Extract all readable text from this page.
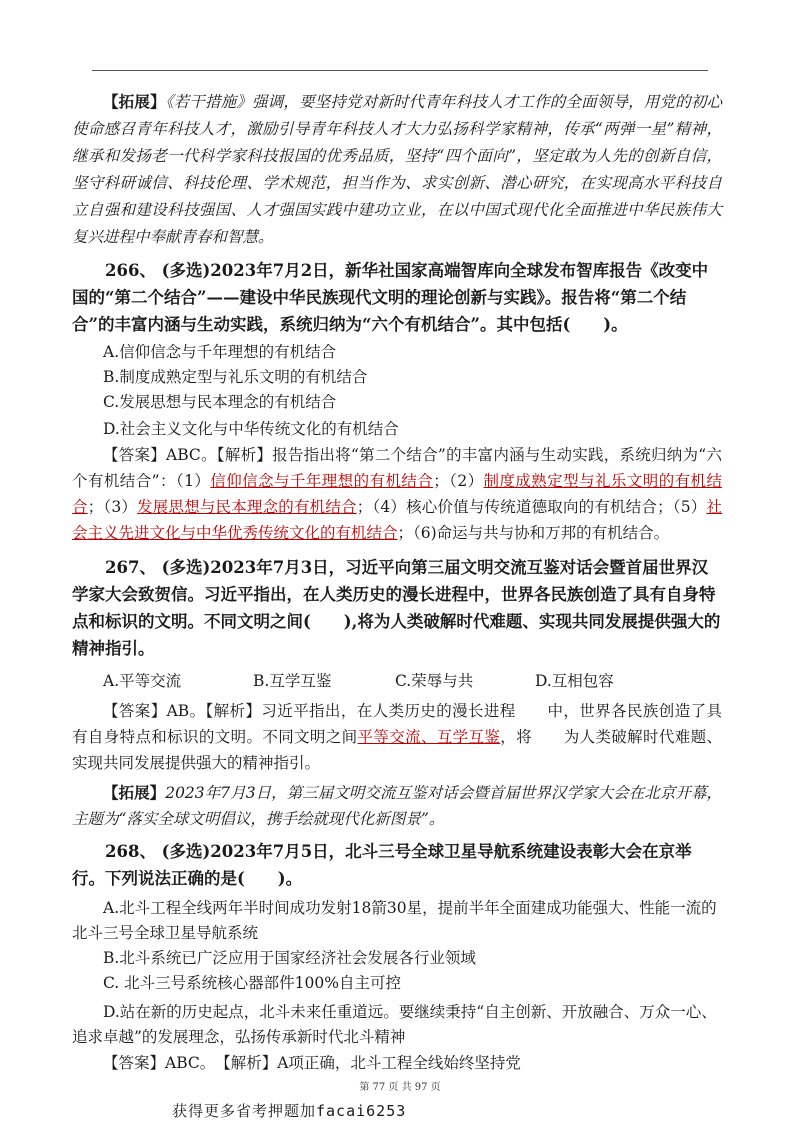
【拓展】《若干措施》强调，要坚持党对新时代青年科技人才工作的全面领导，用党的初心使命感召青年科技人才，激励引导青年科技人才大力弘扬科学家精神，传承“两弹一星”精神，继承和发扬老一代科学家科技报国的优秀品质，坚持“四个面向”，坚定敢为人先的创新自信，坚守科研诚信、科技伦理、学术规范，担当作为、求实创新、潜心研究，在实现高水平科技自立自强和建设科技强国、人才强国实践中建功立业，在以中国式现代化全面推进中华民族伟大复兴进程中奉献青春和智慧。

266、 (多选)2023年7月2日，新华社国家高端智库向全球发布智库报告《改变中国的“第二个结合”——建设中华民族现代文明的理论创新与实践》。报告将“第二个结合”的丰富内涵与生动实践，系统归纳为“六个有机结合”。其中包括(　　)。

A.信仰信念与千年理想的有机结合

B.制度成熟定型与礼乐文明的有机结合

C.发展思想与民本理念的有机结合

D.社会主义文化与中华传统文化的有机结合

【答案】ABC。【解析】报告指出将“第二个结合”的丰富内涵与生动实践，系统归纳为“六个有机结合”：（1）信仰信念与千年理想的有机结合；（2）制度成熟定型与礼乐文明的有机结合；（3）发展思想与民本理念的有机结合；（4）核心价值与传统道德取向的有机结合；（5）社会主义先进文化与中华优秀传统文化的有机结合；（6)命运与共与协和万邦的有机结合。

267、 (多选)2023年7月3日，习近平向第三届文明交流互鉴对话会暨首届世界汉学家大会致贺信。习近平指出，在人类历史的漫长进程中，世界各民族创造了具有自身特点和标识的文明。不同文明之间(　　),将为人类破解时代难题、实现共同发展提供强大的精神指引。

A.平等交流	B.互学互鉴	C.荣辱与共	D.互相包容

【答案】AB。【解析】习近平指出，在人类历史的漫长进程　　中，世界各民族创造了具有自身特点和标识的文明。不同文明之间平等交流、互学互鉴，将　　为人类破解时代难题、实现共同发展提供强大的精神指引。

【拓展】2023年7月3日，第三届文明交流互鉴对话会暨首届世界汉学家大会在北京开幕，主题为“落实全球文明倡议，携手绘就现代化新图景”。

268、 (多选)2023年7月5日，北斗三号全球卫星导航系统建设表彰大会在京举行。下列说法正确的是(　　)。

A.北斗工程全线两年半时间成功发射18箭30星，提前半年全面建成功能强大、性能一流的北斗三号全球卫星导航系统

B.北斗系统已广泛应用于国家经济社会发展各行业领域

C. 北斗三号系统核心器部件100%自主可控

D.站在新的历史起点，北斗未来任重道远。要继续秉持“自主创新、开放融合、万众一心、追求卓越”的发展理念，弘扬传承新时代北斗精神

【答案】ABC。　【解析】A项正确，北斗工程全线始终坚持党

第 77 页 共 97 页
获得更多省考押题加facai6253
